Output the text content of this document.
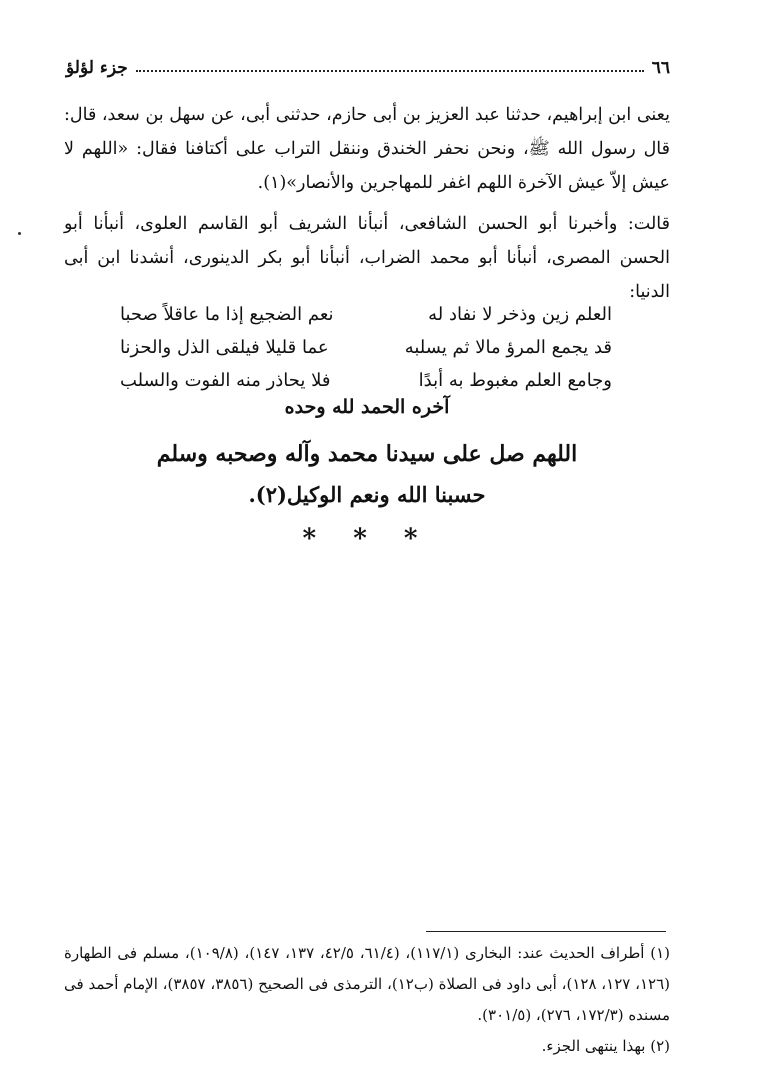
٦٦
جزء لؤلؤ

يعنى ابن إبراهيم، حدثنا عبد العزيز بن أبى حازم، حدثنى أبى، عن سهل بن سعد، قال: قال رسول الله ﷺ، ونحن نحفر الخندق وننقل التراب على أكتافنا فقال: «اللهم لا عيش إلاّ عيش الآخرة اللهم اغفر للمهاجرين والأنصار»(١).

قالت: وأخبرنا أبو الحسن الشافعى، أنبأنا الشريف أبو القاسم العلوى، أنبأنا أبو الحسن المصرى، أنبأنا أبو محمد الضراب، أنبأنا أبو بكر الدينورى، أنشدنا ابن أبى الدنيا:

العلم زين وذخر لا نفاد له
نعم الضجيع إذا ما عاقلاً صحبا
قد يجمع المرؤ مالا ثم يسلبه
عما قليلا فيلقى الذل والحزنا
وجامع العلم مغبوط به أبدًا
فلا يحاذر منه الفوت والسلب
آخره الحمد لله وحده
اللهم صل على سيدنا محمد وآله وصحبه وسلم
حسبنا الله ونعم الوكيل(٢).
* * *

(١) أطراف الحديث عند: البخارى (١١٧/١)، (٦١/٤، ٤٢/٥، ١٣٧، ١٤٧)، (١٠٩/٨)، مسلم فى الطهارة (١٢٦، ١٢٧، ١٢٨)، أبى داود فى الصلاة (ب١٢)، الترمذى فى الصحيح (٣٨٥٦، ٣٨٥٧)، الإمام أحمد فى مسنده (١٧٢/٣، ٢٧٦)، (٣٠١/٥).

(٢) بهذا ينتهى الجزء.
